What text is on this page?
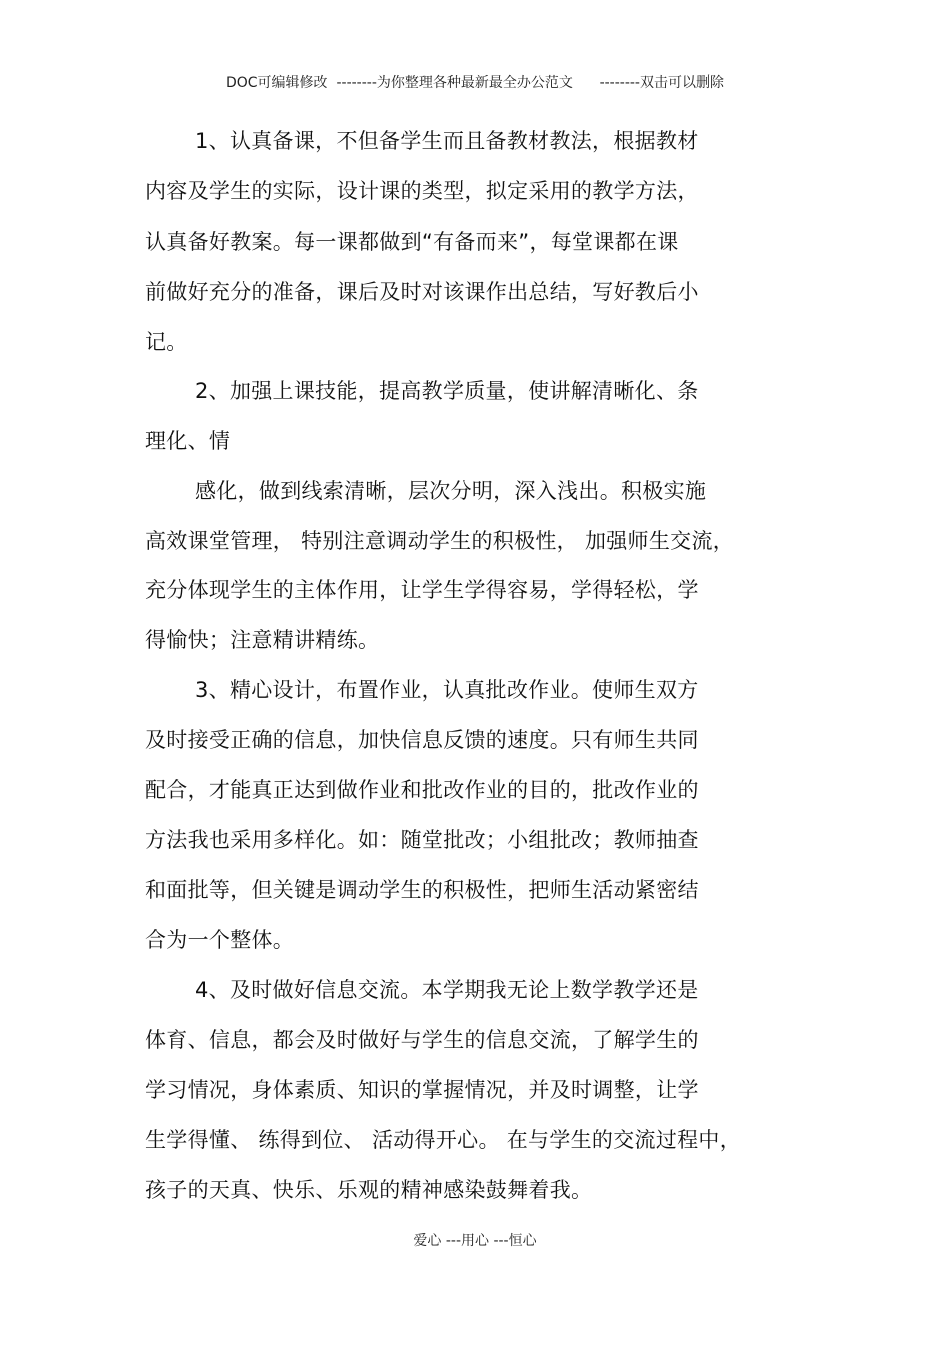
DOC可编辑修改  --------为你整理各种最新最全办公范文      --------双击可以删除
1、认真备课，不但备学生而且备教材教法，根据教材
内容及学生的实际，设计课的类型，拟定采用的教学方法，
认真备好教案。每一课都做到“有备而来”，每堂课都在课
前做好充分的准备，课后及时对该课作出总结，写好教后小
记。
2、加强上课技能，提高教学质量，使讲解清晰化、条
理化、情
感化，做到线索清晰，层次分明，深入浅出。积极实施
高效课堂管理， 特别注意调动学生的积极性， 加强师生交流，
充分体现学生的主体作用，让学生学得容易，学得轻松，学
得愉快；注意精讲精练。
3、精心设计，布置作业，认真批改作业。使师生双方
及时接受正确的信息，加快信息反馈的速度。只有师生共同
配合，才能真正达到做作业和批改作业的目的，批改作业的
方法我也采用多样化。如：随堂批改；小组批改；教师抽查
和面批等，但关键是调动学生的积极性，把师生活动紧密结
合为一个整体。
4、及时做好信息交流。本学期我无论上数学教学还是
体育、信息，都会及时做好与学生的信息交流，了解学生的
学习情况，身体素质、知识的掌握情况，并及时调整，让学
生学得懂、 练得到位、 活动得开心。 在与学生的交流过程中，
孩子的天真、快乐、乐观的精神感染鼓舞着我。
爱心 ---用心 ---恒心
